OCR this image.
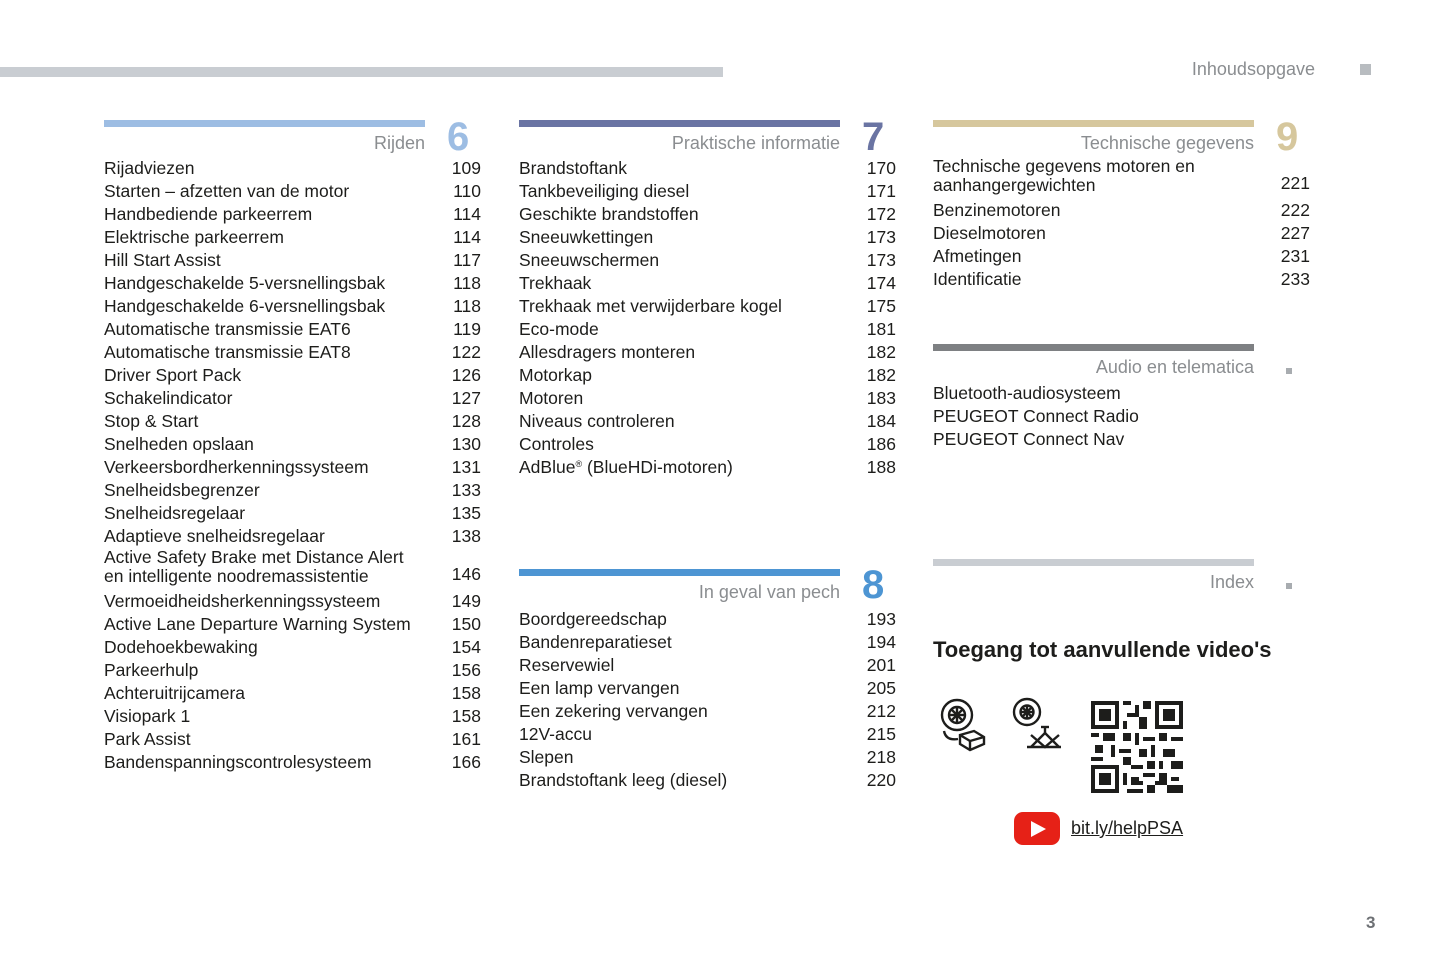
Inhoudsopgave
Rijden 6
Rijadviezen	109
Starten – afzetten van de motor	110
Handbediende parkeerrem	114
Elektrische parkeerrem	114
Hill Start Assist	117
Handgeschakelde 5-versnellingsbak	118
Handgeschakelde 6-versnellingsbak	118
Automatische transmissie EAT6	119
Automatische transmissie EAT8	122
Driver Sport Pack	126
Schakelindicator	127
Stop & Start	128
Snelheden opslaan	130
Verkeersbordherkenningssysteem	131
Snelheidsbegrenzer	133
Snelheidsregelaar	135
Adaptieve snelheidsregelaar	138
Active Safety Brake met Distance Alert
en intelligente noodremassistentie	146
Vermoeidheidsherkenningssysteem	149
Active Lane Departure Warning System	150
Dodehoekbewaking	154
Parkeerhulp	156
Achteruitrijcamera	158
Visiopark 1	158
Park Assist	161
Bandenspanningscontrolesysteem	166
Praktische informatie 7
Brandstoftank	170
Tankbeveiliging diesel	171
Geschikte brandstoffen	172
Sneeuwkettingen	173
Sneeuwschermen	173
Trekhaak	174
Trekhaak met verwijderbare kogel	175
Eco-mode	181
Allesdragers monteren	182
Motorkap	182
Motoren	183
Niveaus controleren	184
Controles	186
AdBlue® (BlueHDi-motoren)	188
In geval van pech 8
Boordgereedschap	193
Bandenreparatieset	194
Reservewiel	201
Een lamp vervangen	205
Een zekering vervangen	212
12V-accu	215
Slepen	218
Brandstoftank leeg (diesel)	220
Technische gegevens 9
Technische gegevens motoren en
aanhangergewichten	221
Benzinemotoren	222
Dieselmotoren	227
Afmetingen	231
Identificatie	233
Audio en telematica
Bluetooth-audiosysteem
PEUGEOT Connect Radio
PEUGEOT Connect Nav
Index
Toegang tot aanvullende video's
bit.ly/helpPSA
3
